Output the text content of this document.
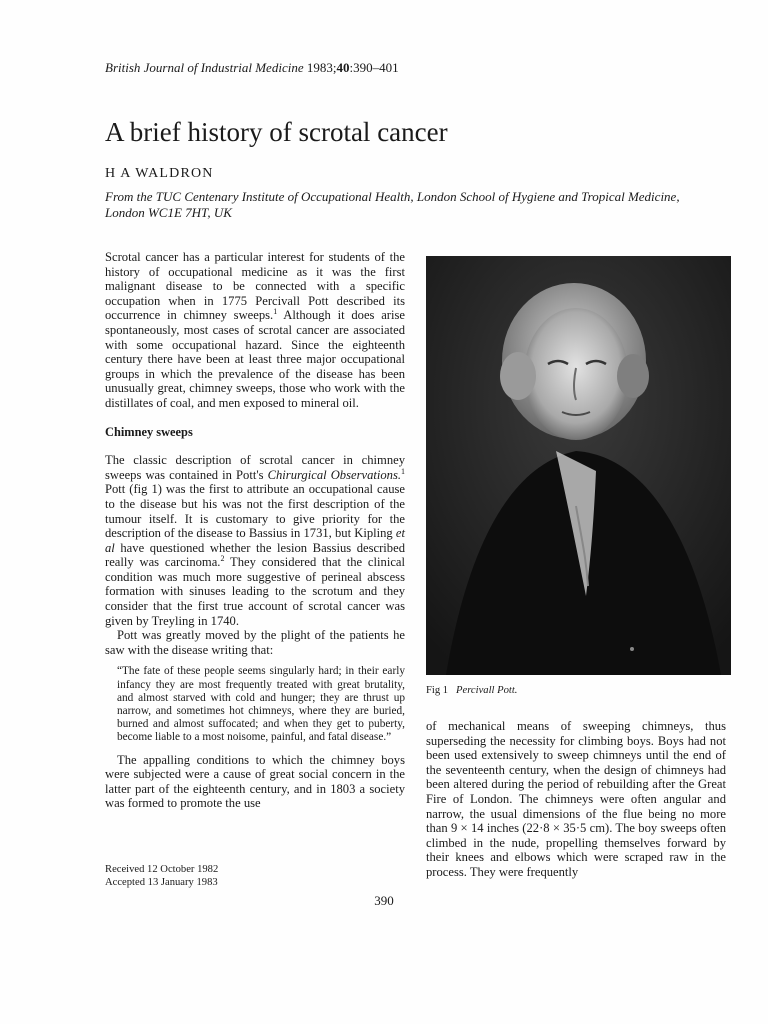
British Journal of Industrial Medicine 1983;40:390–401
A brief history of scrotal cancer
H A WALDRON
From the TUC Centenary Institute of Occupational Health, London School of Hygiene and Tropical Medicine, London WC1E 7HT, UK

Scrotal cancer has a particular interest for students of the history of occupational medicine as it was the first malignant disease to be connected with a specific occupation when in 1775 Percivall Pott described its occurrence in chimney sweeps.$^1$ Although it does arise spontaneously, most cases of scrotal cancer are associated with some occupational hazard. Since the eighteenth century there have been at least three major occupational groups in which the prevalence of the disease has been unusually great, chimney sweeps, those who work with the distillates of coal, and men exposed to mineral oil.

Chimney sweeps

The classic description of scrotal cancer in chimney sweeps was contained in Pott's Chirurgical Observations.$^1$ Pott (fig 1) was the first to attribute an occupational cause to the disease but his was not the first description of the tumour itself. It is customary to give priority for the description of the disease to Bassius in 1731, but Kipling et al have questioned whether the lesion Bassius described really was carcinoma.$^2$ They considered that the clinical condition was much more suggestive of perineal abscess formation with sinuses leading to the scrotum and they consider that the first true account of scrotal cancer was given by Treyling in 1740.

Pott was greatly moved by the plight of the patients he saw with the disease writing that:

“The fate of these people seems singularly hard; in their early infancy they are most frequently treated with great brutality, and almost starved with cold and hunger; they are thrust up narrow, and sometimes hot chimneys, where they are buried, burned and almost suffocated; and when they get to puberty, become liable to a most noisome, painful, and fatal disease.”

The appalling conditions to which the chimney boys were subjected were a cause of great social concern in the latter part of the eighteenth century, and in 1803 a society was formed to promote the use

Received 12 October 1982
Accepted 13 January 1983
Fig 1 Percivall Pott.

of mechanical means of sweeping chimneys, thus superseding the necessity for climbing boys. Boys had not been used extensively to sweep chimneys until the end of the seventeenth century, when the design of chimneys had been altered during the period of rebuilding after the Great Fire of London. The chimneys were often angular and narrow, the usual dimensions of the flue being no more than 9 × 14 inches (22·8 × 35·5 cm). The boy sweeps often climbed in the nude, propelling themselves forward by their knees and elbows which were scraped raw in the process. They were frequently

390
